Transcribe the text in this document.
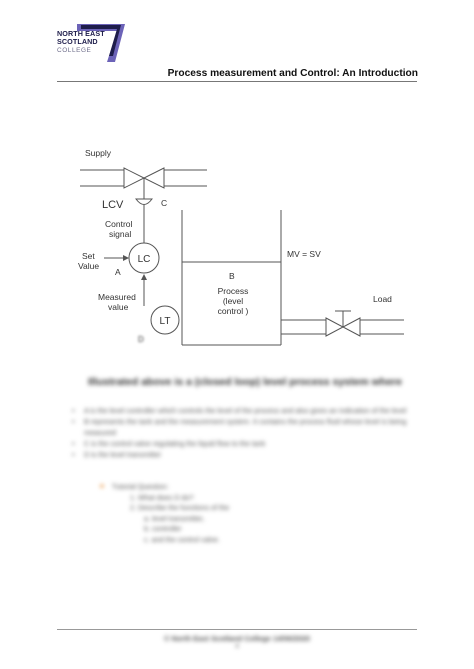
NORTH EAST
SCOTLAND
COLLEGE
Process measurement and Control: An Introduction
Supply
LCV	C
Control
signal
Set
Value
A
LC
Measured
value
LT
D
B
MV = SV
Process
(level
control )
Load
Illustrated above is a (closed loop) level process system where
• A is the level controller which controls the level of the process and also gives an indication of the level
• B represents the tank and the measurement system. It contains the process fluid whose level is being measured
• C is the control valve regulating the liquid flow to the tank
• D is the level transmitter
■ Tutorial Question:
1. What does D do?
2. Describe the functions of the
a. level transmitter,
b. controller
c. and the control valve.
© North East Scotland College 14/06/2020
4
